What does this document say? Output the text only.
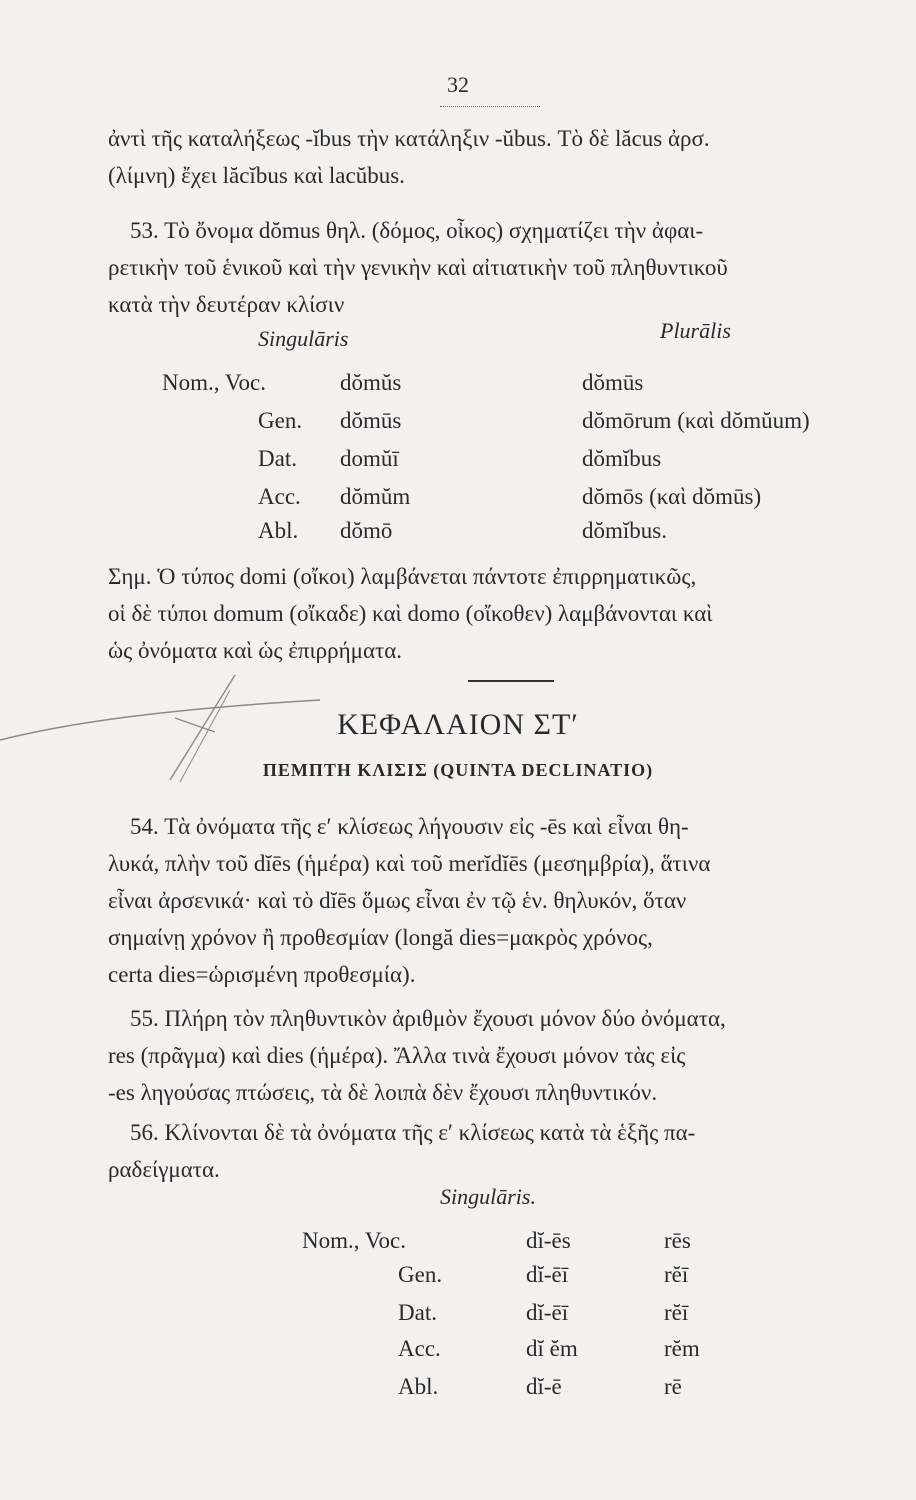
32
ἀντὶ τῆς καταλήξεως -ĭbus τὴν κατάληξιν -ŭbus. Τὸ δὲ lăcus ἀρσ.
(λίμνη) ἔχει lăcĭbus καὶ lacŭbus.
53. Τὸ ὄνομα dŏmus θηλ. (δόμος, οἶκος) σχηματίζει τὴν ἀφαι-
ρετικὴν τοῦ ἑνικοῦ καὶ τὴν γενικὴν καὶ αἰτιατικὴν τοῦ πληθυντικοῦ
κατὰ τὴν δευτέραν κλίσιν
Singulāris	Plurālis
Nom., Voc.	dŏmŭs	dŏmūs
Gen. dŏmūs	dŏmōrum (καὶ dŏmŭum)
Dat. domŭī	dŏmĭbus
Acc. dŏmŭm	dŏmōs (καὶ dŏmūs)
Abl. dŏmō	dŏmĭbus.
Σημ. Ὁ τύπος domi (οἴκοι) λαμβάνεται πάντοτε ἐπιρρηματικῶς,
οἱ δὲ τύποι domum (οἴκαδε) καὶ domo (οἴκοθεν) λαμβάνονται καὶ
ὡς ὀνόματα καὶ ὡς ἐπιρρήματα.
ΚΕΦΑΛΑΙΟΝ ΣΤʹ
ΠΕΜΠΤΗ ΚΛΙΣΙΣ (QUINTA DECLINATIO)
54. Τὰ ὀνόματα τῆς εʹ κλίσεως λήγουσιν εἰς -ēs καὶ εἶναι θη-
λυκά, πλὴν τοῦ dĭēs (ἡμέρα) καὶ τοῦ merĭdĭēs (μεσημβρία), ἅτινα
εἶναι ἀρσενικά· καὶ τὸ dĭēs ὅμως εἶναι ἐν τῷ ἑν. θηλυκόν, ὅταν
σημαίνῃ χρόνον ἢ προθεσμίαν (longă dies=μακρὸς χρόνος,
certa dies=ὡρισμένη προθεσμία).
55. Πλήρη τὸν πληθυντικὸν ἀριθμὸν ἔχουσι μόνον δύο ὀνόματα,
res (πρᾶγμα) καὶ dies (ἡμέρα). Ἄλλα τινὰ ἔχουσι μόνον τὰς εἰς
-es ληγούσας πτώσεις, τὰ δὲ λοιπὰ δὲν ἔχουσι πληθυντικόν.
56. Κλίνονται δὲ τὰ ὀνόματα τῆς εʹ κλίσεως κατὰ τὰ ἑξῆς πα-
ραδείγματα.
Singulāris.
Nom., Voc.	dĭ-ēs	rēs
Gen.	dĭ-ēī	rĕī
Dat.	dĭ-ēī	rĕī
Acc.	dĭ ĕm	rĕm
Abl.	dĭ-ē	rē
